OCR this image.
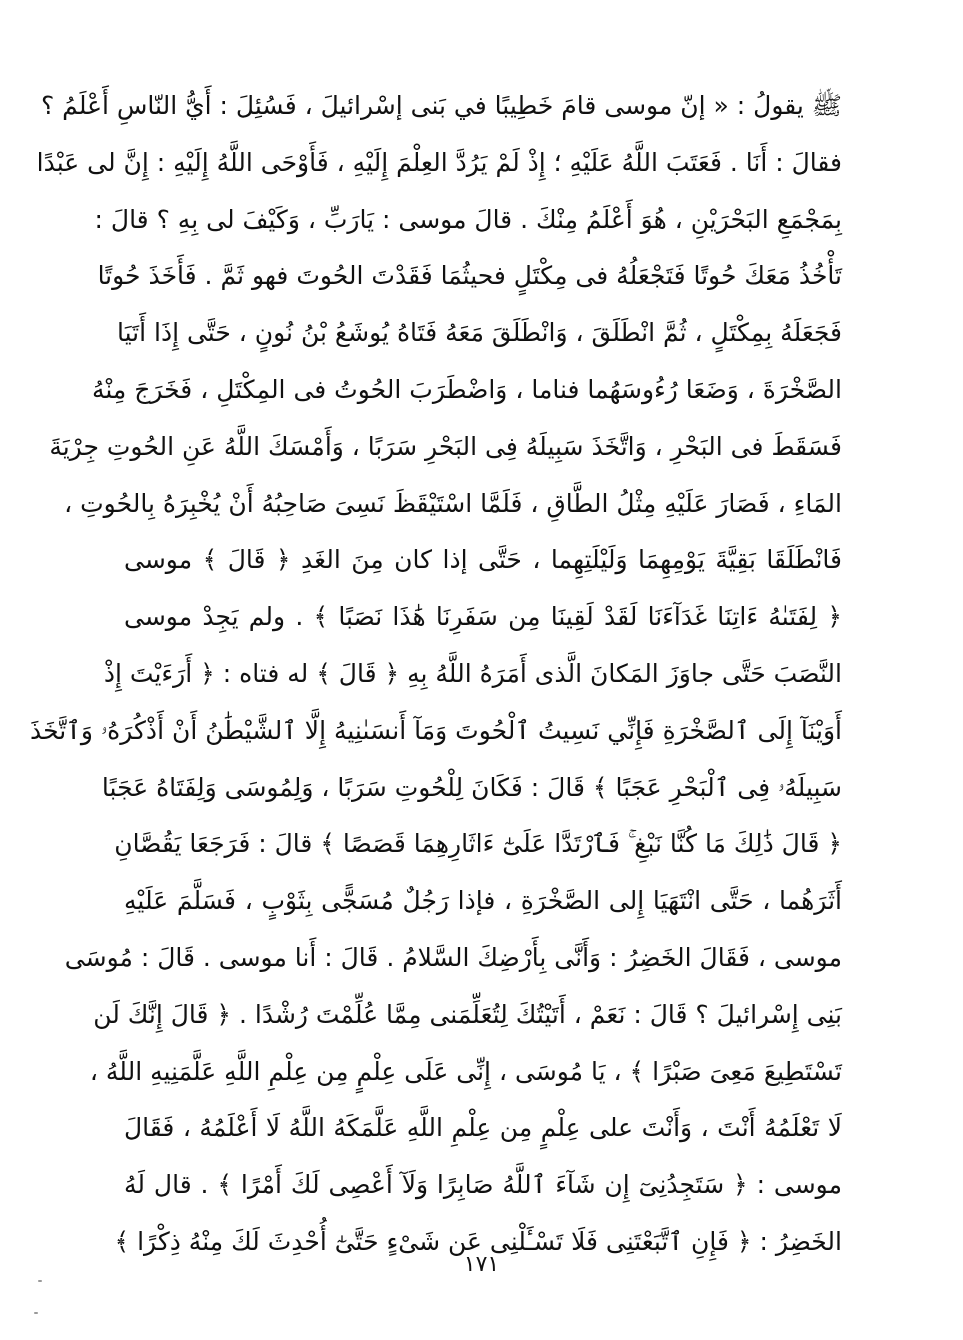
ﷺ يقولُ : « إنّ موسى قامَ خَطِيبًا في بَنى إسْرائيلَ ، فَسُئِلَ : أَيُّ النّاسِ أَعْلَمُ ؟
فقالَ : أَنَا . فَعَتَبَ اللَّهُ عَلَيْهِ ؛ إِذْ لَمْ يَرُدَّ العِلْمَ إِلَيْهِ ، فَأَوْحَى اللَّهُ إِلَيْهِ : إِنَّ لى عَبْدًا
بِمَجْمَعِ البَحْرَيْنِ ، هُوَ أَعْلَمُ مِنْكَ . قالَ موسى : يَارَبِّ ، وَكَيْفَ لى بِهِ ؟ قالَ :
تَأْخُذُ مَعَكَ حُوتًا فَتَجْعَلُهُ فى مِكْتَلٍ فحيثُمَا فَقَدْتَ الحُوتَ فهو ثَمَّ . فَأَخَذَ حُوتًا
فَجَعَلَهُ بِمِكْتَلٍ ، ثُمَّ انْطَلَقَ ، وَانْطَلَقَ مَعَهُ فَتَاهُ يُوشَعُ بْنُ نُونٍ ، حَتَّى إِذَا أَتَيَا
الصَّخْرَةَ ، وَضَعَا رُءُوسَهُما فناما ، وَاضْطَرَبَ الحُوتُ فى المِكْتَلِ ، فَخَرَجَ مِنْهُ
فَسَقَطَ فى البَحْرِ ، وَاتَّخَذَ سَبِيلَهُ فِى البَحْرِ سَرَبًا ، وَأَمْسَكَ اللَّهُ عَنِ الحُوتِ جِرْيَةَ
المَاءِ ، فَصَارَ عَلَيْهِ مِثْلُ الطَّاقِ ، فَلَمَّا اسْتَيْقَظَ نَسِىَ صَاحِبُهُ أَنْ يُخْبِرَهُ بِالحُوتِ ،
فَانْطَلَقَا بَقِيَّةَ يَوْمِهِمَا وَلَيْلَتِهِما ، حَتَّى إذا كان مِنَ الغَدِ ﴿ قَالَ ﴾ موسى
﴿ لِفَتَىٰهُ ءَاتِنَا غَدَآءَنَا لَقَدْ لَقِينَا مِن سَفَرِنَا هَٰذَا نَصَبًا ﴾ . ولم يَجِدْ موسى
النَّصَبَ حَتَّى جاوَزَ المَكانَ الَّذى أَمَرَهُ اللَّهُ بِهِ ﴿ قَالَ ﴾ له فتاه : ﴿ أَرَءَيْتَ إِذْ
أَوَيْنَآ إِلَى ٱلصَّخْرَةِ فَإِنِّي نَسِيتُ ٱلْحُوتَ وَمَآ أَنسَىٰنِيهُ إِلَّا ٱلشَّيْطَٰنُ أَنْ أَذْكُرَهُۥ وَٱتَّخَذَ
سَبِيلَهُۥ فِى ٱلْبَحْرِ عَجَبًا ﴾ قَالَ : فَكَانَ لِلْحُوتِ سَرَبًا ، وَلِمُوسَى وَلِفَتَاهُ عَجَبًا
﴿ قَالَ ذَٰلِكَ مَا كُنَّا نَبْغِ ۚ فَٱرْتَدَّا عَلَىٰٓ ءَاثَارِهِمَا قَصَصًا ﴾ قالَ : فَرَجَعَا يَقُصَّانِ
أَثَرَهُما ، حَتَّى انْتَهَيَا إِلى الصَّخْرَةِ ، فإذا رَجُلٌ مُسَجًّى بِثَوْبٍ ، فَسَلَّمَ عَلَيْهِ
موسى ، فَقَالَ الخَضِرُ : وَأَنَّى بِأَرْضِكَ السَّلامُ . قَالَ : أَنا موسى . قَالَ : مُوسَى
بَنِى إِسْرائيلَ ؟ قَالَ : نَعَمْ ، أَتَيْتُكَ لِتُعَلِّمَنى مِمَّا عُلِّمْتَ رُشْدًا . ﴿ قَالَ إِنَّكَ لَن
تَسْتَطِيعَ مَعِىَ صَبْرًا ﴾ ، يَا مُوسَى ، إِنِّى عَلَى عِلْمٍ مِن عِلْمِ اللَّهِ عَلَّمَنِيهِ اللَّهُ ،
لَا تَعْلَمُهُ أَنْتَ ، وَأَنْتَ على عِلْمٍ مِن عِلْمِ اللَّهِ عَلَّمَكَهُ اللَّهُ لَا أَعْلَمُهُ ، فَقَالَ
موسى : ﴿ سَتَجِدُنِىٓ إِن شَآءَ ٱللَّهُ صَابِرًا وَلَآ أَعْصِى لَكَ أَمْرًا ﴾ . قال لَهُ
الخَضِرُ : ﴿ فَإِنِ ٱتَّبَعْتَنِى فَلَا تَسْـَٔلْنِى عَن شَىْءٍ حَتَّىٰٓ أُحْدِثَ لَكَ مِنْهُ ذِكْرًا ﴾
١٧١
